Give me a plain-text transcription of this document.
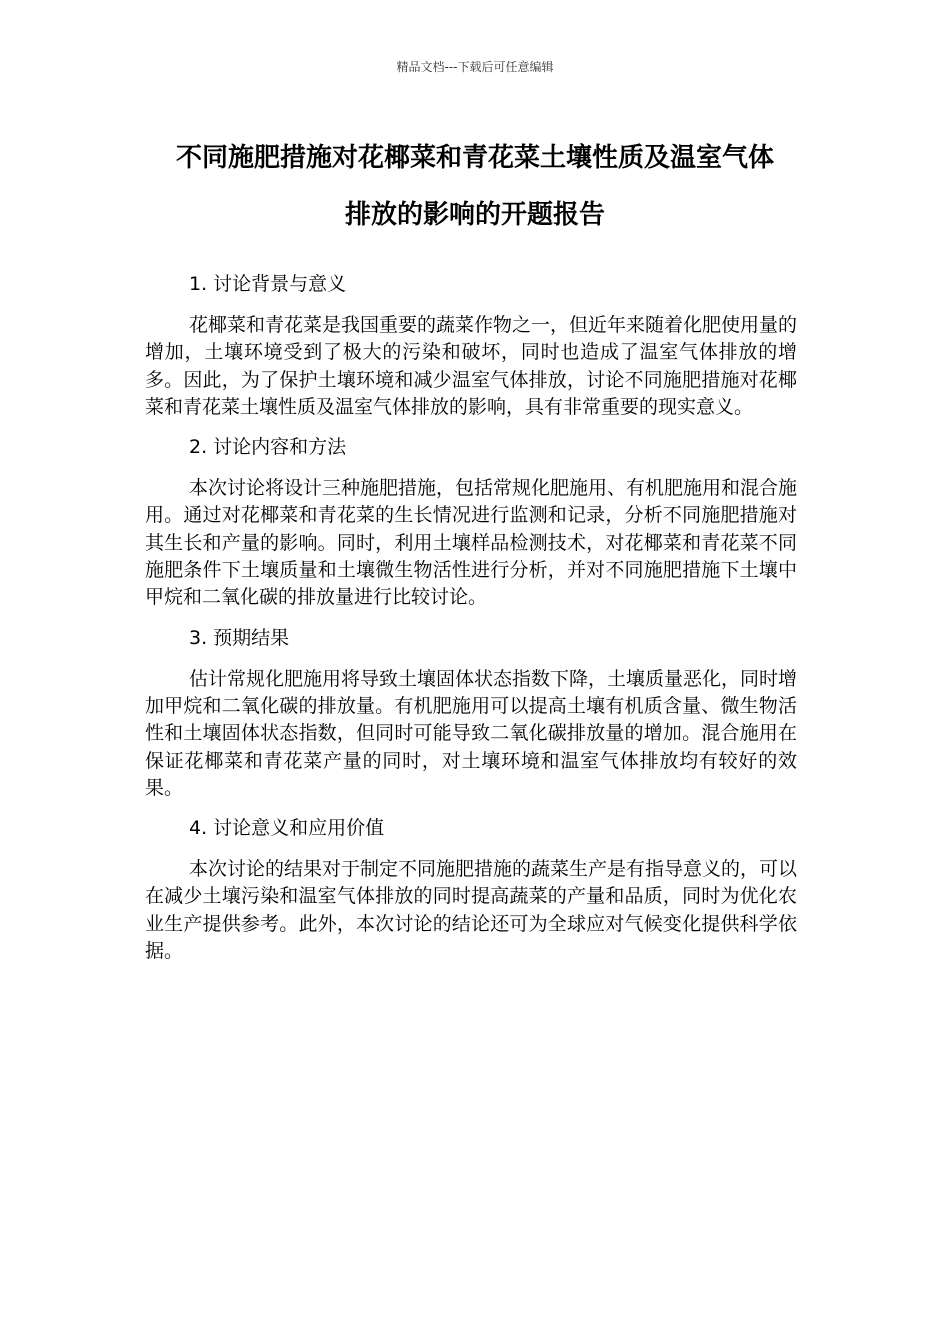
精品文档---下载后可任意编辑
不同施肥措施对花椰菜和青花菜土壤性质及温室气体
排放的影响的开题报告
1. 讨论背景与意义
花椰菜和青花菜是我国重要的蔬菜作物之一，但近年来随着化肥使用量的增加，土壤环境受到了极大的污染和破坏，同时也造成了温室气体排放的增多。因此，为了保护土壤环境和减少温室气体排放，讨论不同施肥措施对花椰菜和青花菜土壤性质及温室气体排放的影响，具有非常重要的现实意义。
2. 讨论内容和方法
本次讨论将设计三种施肥措施，包括常规化肥施用、有机肥施用和混合施用。通过对花椰菜和青花菜的生长情况进行监测和记录，分析不同施肥措施对其生长和产量的影响。同时，利用土壤样品检测技术，对花椰菜和青花菜不同施肥条件下土壤质量和土壤微生物活性进行分析，并对不同施肥措施下土壤中甲烷和二氧化碳的排放量进行比较讨论。
3. 预期结果
估计常规化肥施用将导致土壤固体状态指数下降，土壤质量恶化，同时增加甲烷和二氧化碳的排放量。有机肥施用可以提高土壤有机质含量、微生物活性和土壤固体状态指数，但同时可能导致二氧化碳排放量的增加。混合施用在保证花椰菜和青花菜产量的同时，对土壤环境和温室气体排放均有较好的效果。
4. 讨论意义和应用价值
本次讨论的结果对于制定不同施肥措施的蔬菜生产是有指导意义的，可以在减少土壤污染和温室气体排放的同时提高蔬菜的产量和品质，同时为优化农业生产提供参考。此外，本次讨论的结论还可为全球应对气候变化提供科学依据。
